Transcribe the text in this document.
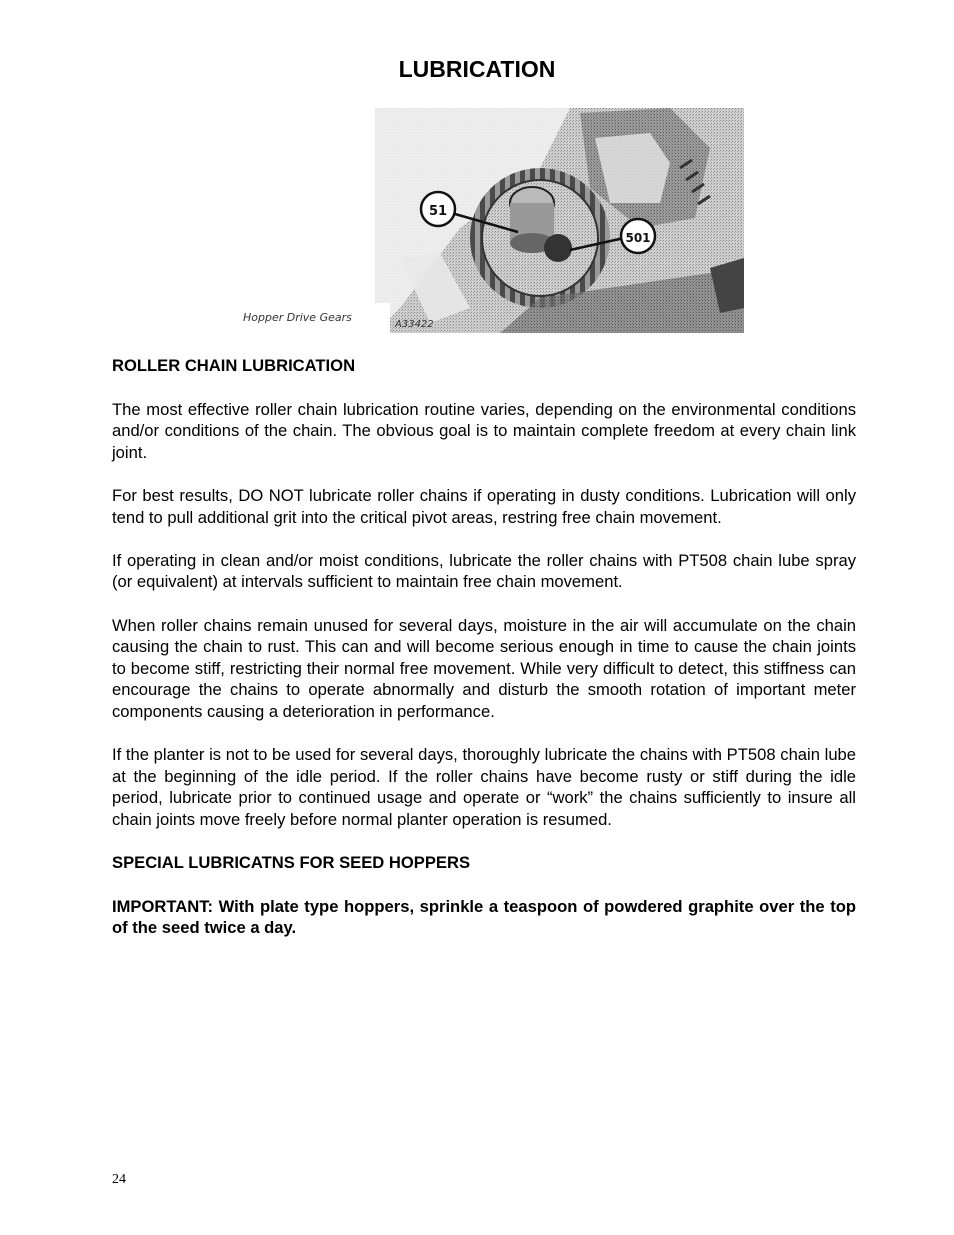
LUBRICATION
51
501
Hopper Drive Gears
A33422
ROLLER CHAIN LUBRICATION

The most effective roller chain lubrication routine varies, depending on the environmental conditions and/or conditions of the chain. The obvious goal is to maintain complete freedom at every chain link joint.

For best results, DO NOT lubricate roller chains if operating in dusty conditions. Lubrication will only tend to pull additional grit into the critical pivot areas, restring free chain movement.

If operating in clean and/or moist conditions, lubricate the roller chains with PT508 chain lube spray (or equivalent) at intervals sufficient to maintain free chain movement.

When roller chains remain unused for several days, moisture in the air will accumulate on the chain causing the chain to rust. This can and will become serious enough in time to cause the chain joints to become stiff, restricting their normal free movement. While very difficult to detect, this stiffness can encourage the chains to operate abnormally and disturb the smooth rotation of important meter components causing a deterioration in performance.

If the planter is not to be used for several days, thoroughly lubricate the chains with PT508 chain lube at the beginning of the idle period. If the roller chains have become rusty or stiff during the idle period, lubricate prior to continued usage and operate or “work” the chains sufficiently to insure all chain joints move freely before normal planter operation is resumed.

SPECIAL LUBRICATNS FOR SEED HOPPERS

IMPORTANT: With plate type hoppers, sprinkle a teaspoon of powdered graphite over the top of the seed twice a day.

24
